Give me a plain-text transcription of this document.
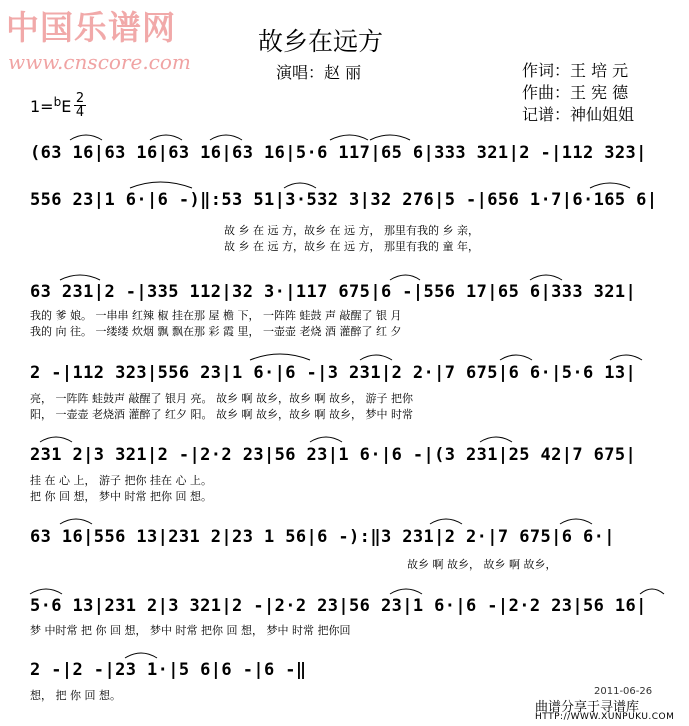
中国乐谱网
www.cnscore.com
故乡在远方
演唱：赵 丽	作词：王 培 元
作曲：王 宪 德
记谱：神仙姐姐
1=$^b$E 2
4
(63 16|63 16|63 16|63 16|5·6 117|65 6|333 321|2 -|112 323|
556 23|1 6·|6 -)‖:53 51|3·532 3|32 276|5 -|656 1·7|6·165 6|
故 乡 在 远 方，故乡 在 远 方， 那里有我的 乡 亲，
故 乡 在 远 方，故乡 在 远 方， 那里有我的 童 年，
63 231|2 -|335 112|32 3·|117 675|6 -|556 17|65 6|333 321|
我的 爹 娘。 一串串 红辣 椒 挂在那 屋 檐 下， 一阵阵 蛙鼓 声 敲醒了 银 月
我的 向 往。 一缕缕 炊烟 飘 飘在那 彩 霞 里， 一壶壶 老烧 酒 灌醉了 红 夕
2 -|112 323|556 23|1 6·|6 -|3 231|2 2·|7 675|6 6·|5·6 13|
亮， 一阵阵 蛙鼓声 敲醒了 银月 亮。 故乡 啊 故乡，故乡 啊 故乡， 游子 把你
阳， 一壶壶 老烧酒 灌醉了 红夕 阳。 故乡 啊 故乡，故乡 啊 故乡， 梦中 时常
231 2|3 321|2 -|2·2 23|56 23|1 6·|6 -|(3 231|25 42|7 675|
挂 在 心 上， 游子 把你 挂在 心 上。
把 你 回 想， 梦中 时常 把你 回 想。
63 16|556 13|231 2|23 1 56|6 -):‖3 231|2 2·|7 675|6 6·|
故乡 啊 故乡， 故乡 啊 故乡，
5·6 13|231 2|3 321|2 -|2·2 23|56 23|1 6·|6 -|2·2 23|56 16|
梦 中时常 把 你 回 想， 梦中 时常 把你 回 想， 梦中 时常 把你回
2 -|2 -|23 1·|5 6|6 -|6 -‖
想， 把 你 回 想。	2011-06-26
曲谱分享于寻谱库
HTTP://WWW.XUNPUKU.COM
